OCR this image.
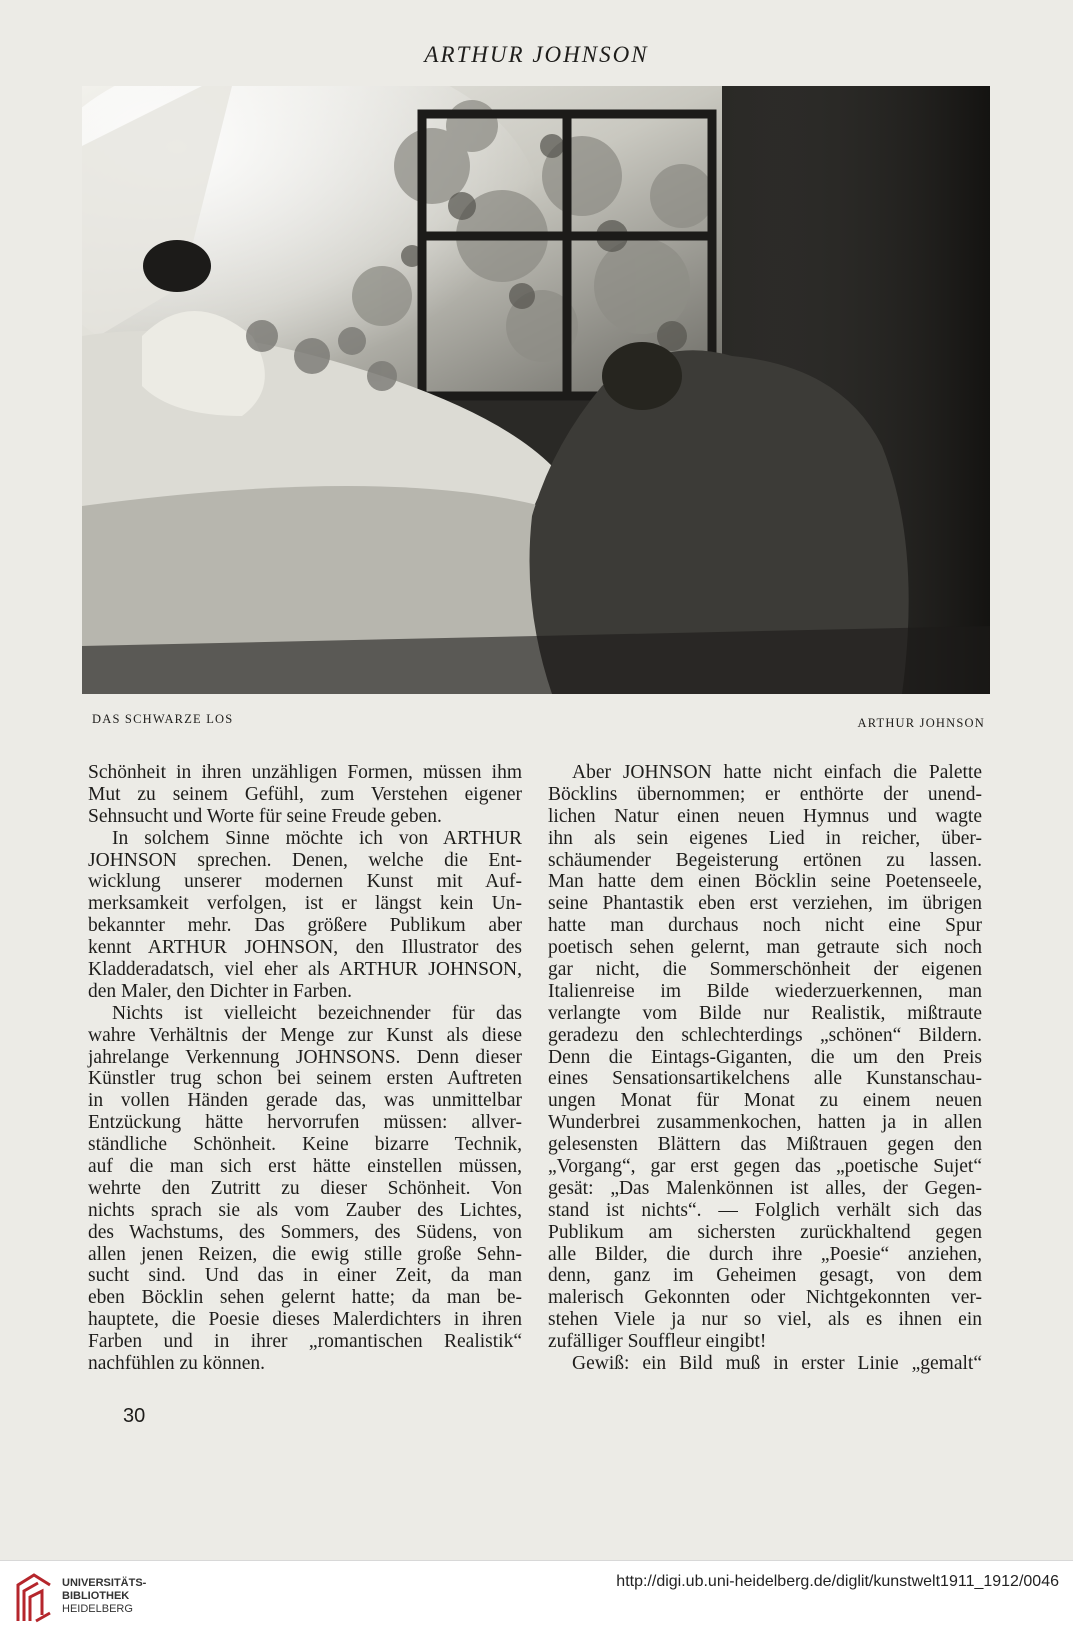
ARTHUR JOHNSON
DAS SCHWARZE LOS	ARTHUR JOHNSON
Schönheit in ihren unzähligen Formen, müssen ihm
Mut zu seinem Gefühl, zum Verstehen eigener
Sehnsucht und Worte für seine Freude geben.
In solchem Sinne möchte ich von ARTHUR
JOHNSON sprechen. Denen, welche die Ent-
wicklung unserer modernen Kunst mit Auf-
merksamkeit verfolgen, ist er längst kein Un-
bekannter mehr. Das größere Publikum aber
kennt ARTHUR JOHNSON, den Illustrator des
Kladderadatsch, viel eher als ARTHUR JOHNSON,
den Maler, den Dichter in Farben.
Nichts ist vielleicht bezeichnender für das
wahre Verhältnis der Menge zur Kunst als diese
jahrelange Verkennung JOHNSONS. Denn dieser
Künstler trug schon bei seinem ersten Auftreten
in vollen Händen gerade das, was unmittelbar
Entzückung hätte hervorrufen müssen: allver-
ständliche Schönheit. Keine bizarre Technik,
auf die man sich erst hätte einstellen müssen,
wehrte den Zutritt zu dieser Schönheit. Von
nichts sprach sie als vom Zauber des Lichtes,
des Wachstums, des Sommers, des Südens, von
allen jenen Reizen, die ewig stille große Sehn-
sucht sind. Und das in einer Zeit, da man
eben Böcklin sehen gelernt hatte; da man be-
hauptete, die Poesie dieses Malerdichters in ihren
Farben und in ihrer „romantischen Realistik“
nachfühlen zu können.
Aber JOHNSON hatte nicht einfach die Palette
Böcklins übernommen; er enthörte der unend-
lichen Natur einen neuen Hymnus und wagte
ihn als sein eigenes Lied in reicher, über-
schäumender Begeisterung ertönen zu lassen.
Man hatte dem einen Böcklin seine Poetenseele,
seine Phantastik eben erst verziehen, im übrigen
hatte man durchaus noch nicht eine Spur
poetisch sehen gelernt, man getraute sich noch
gar nicht, die Sommerschönheit der eigenen
Italienreise im Bilde wiederzuerkennen, man
verlangte vom Bilde nur Realistik, mißtraute
geradezu den schlechterdings „schönen“ Bildern.
Denn die Eintags-Giganten, die um den Preis
eines Sensationsartikelchens alle Kunstanschau-
ungen Monat für Monat zu einem neuen
Wunderbrei zusammenkochen, hatten ja in allen
gelesensten Blättern das Mißtrauen gegen den
„Vorgang“, gar erst gegen das „poetische Sujet“
gesät: „Das Malenkönnen ist alles, der Gegen-
stand ist nichts“. — Folglich verhält sich das
Publikum am sichersten zurückhaltend gegen
alle Bilder, die durch ihre „Poesie“ anziehen,
denn, ganz im Geheimen gesagt, von dem
malerisch Gekonnten oder Nichtgekonnten ver-
stehen Viele ja nur so viel, als es ihnen ein
zufälliger Souffleur eingibt!
Gewiß: ein Bild muß in erster Linie „gemalt“
30
UNIVERSITÄTS-
BIBLIOTHEK
HEIDELBERG
http://digi.ub.uni-heidelberg.de/diglit/kunstwelt1911_1912/0046
